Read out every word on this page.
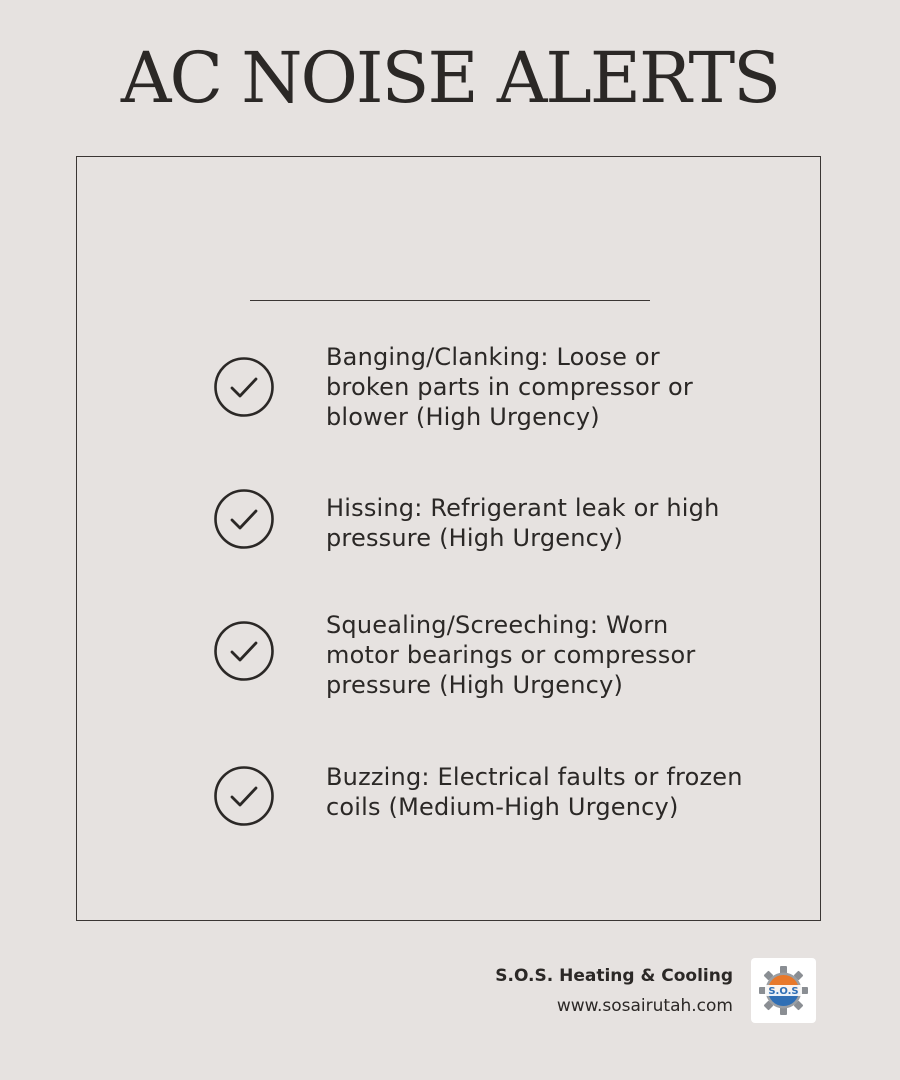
AC NOISE ALERTS
Banging/Clanking: Loose or broken parts in compressor or blower (High Urgency)
Hissing: Refrigerant leak or high pressure (High Urgency)
Squealing/Screeching: Worn motor bearings or compressor pressure (High Urgency)
Buzzing: Electrical faults or frozen coils (Medium-High Urgency)
S.O.S. Heating & Cooling
www.sosairutah.com
S.O.S
